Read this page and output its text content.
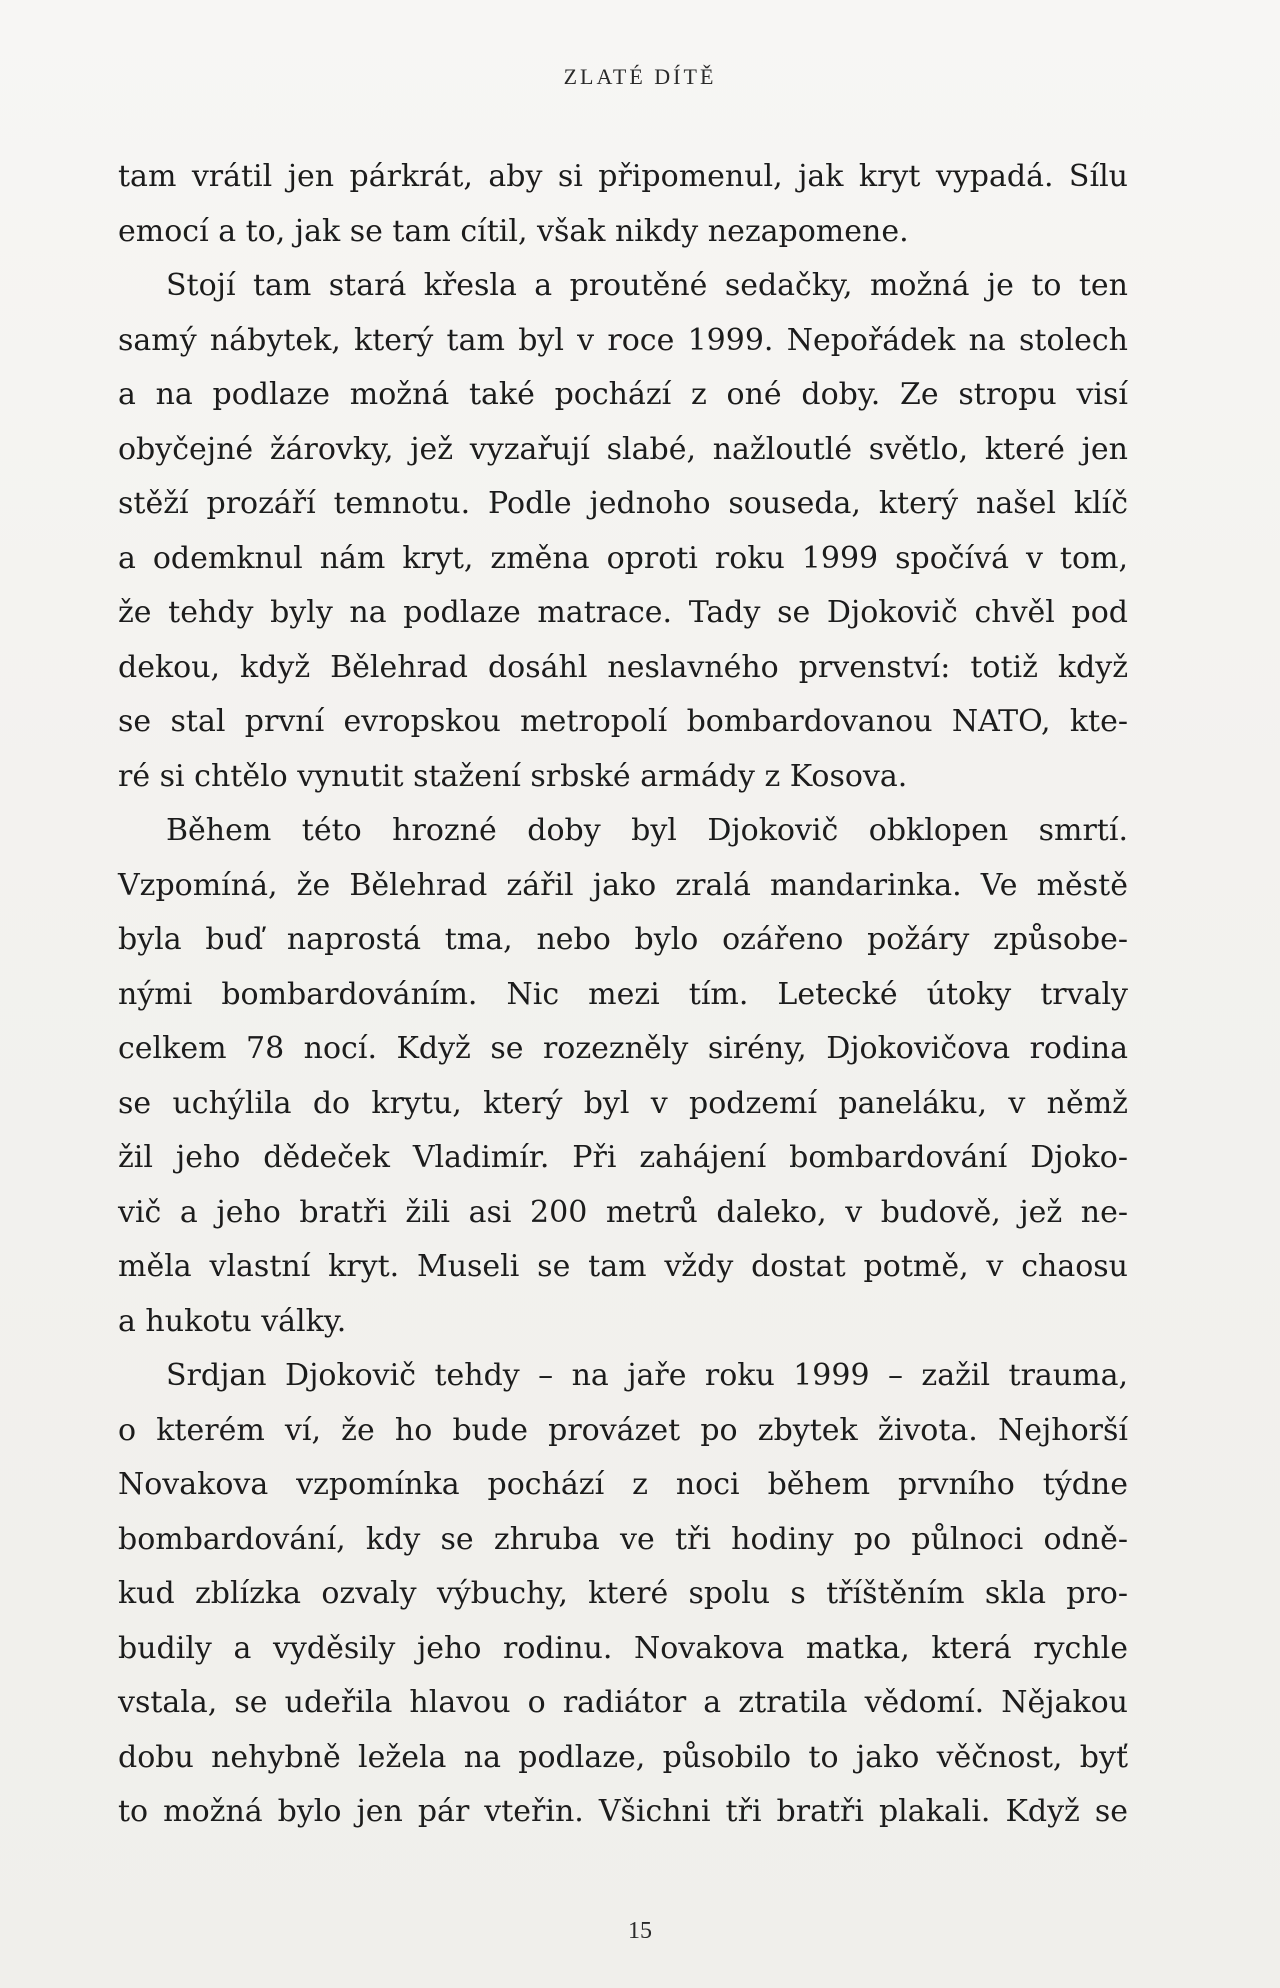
ZLATÉ DÍTĚ

tam vrátil jen párkrát, aby si připomenul, jak kryt vypadá. Sílu
emocí a to, jak se tam cítil, však nikdy nezapomene.

Stojí tam stará křesla a proutěné sedačky, možná je to ten
samý nábytek, který tam byl v roce 1999. Nepořádek na stolech
a na podlaze možná také pochází z oné doby. Ze stropu visí
obyčejné žárovky, jež vyzařují slabé, nažloutlé světlo, které jen
stěží prozáří temnotu. Podle jednoho souseda, který našel klíč
a odemknul nám kryt, změna oproti roku 1999 spočívá v tom,
že tehdy byly na podlaze matrace. Tady se Djokovič chvěl pod
dekou, když Bělehrad dosáhl neslavného prvenství: totiž když
se stal první evropskou metropolí bombardovanou NATO, kte-
ré si chtělo vynutit stažení srbské armády z Kosova.

Během této hrozné doby byl Djokovič obklopen smrtí.
Vzpomíná, že Bělehrad zářil jako zralá mandarinka. Ve městě
byla buď naprostá tma, nebo bylo ozářeno požáry způsobe-
nými bombardováním. Nic mezi tím. Letecké útoky trvaly
celkem 78 nocí. Když se rozezněly sirény, Djokovičova rodina
se uchýlila do krytu, který byl v podzemí paneláku, v němž
žil jeho dědeček Vladimír. Při zahájení bombardování Djoko-
vič a jeho bratři žili asi 200 metrů daleko, v budově, jež ne-
měla vlastní kryt. Museli se tam vždy dostat potmě, v chaosu
a hukotu války.

Srdjan Djokovič tehdy – na jaře roku 1999 – zažil trauma,
o kterém ví, že ho bude provázet po zbytek života. Nejhorší
Novakova vzpomínka pochází z noci během prvního týdne
bombardování, kdy se zhruba ve tři hodiny po půlnoci odně-
kud zblízka ozvaly výbuchy, které spolu s tříštěním skla pro-
budily a vyděsily jeho rodinu. Novakova matka, která rychle
vstala, se udeřila hlavou o radiátor a ztratila vědomí. Nějakou
dobu nehybně ležela na podlaze, působilo to jako věčnost, byť
to možná bylo jen pár vteřin. Všichni tři bratři plakali. Když se

15
